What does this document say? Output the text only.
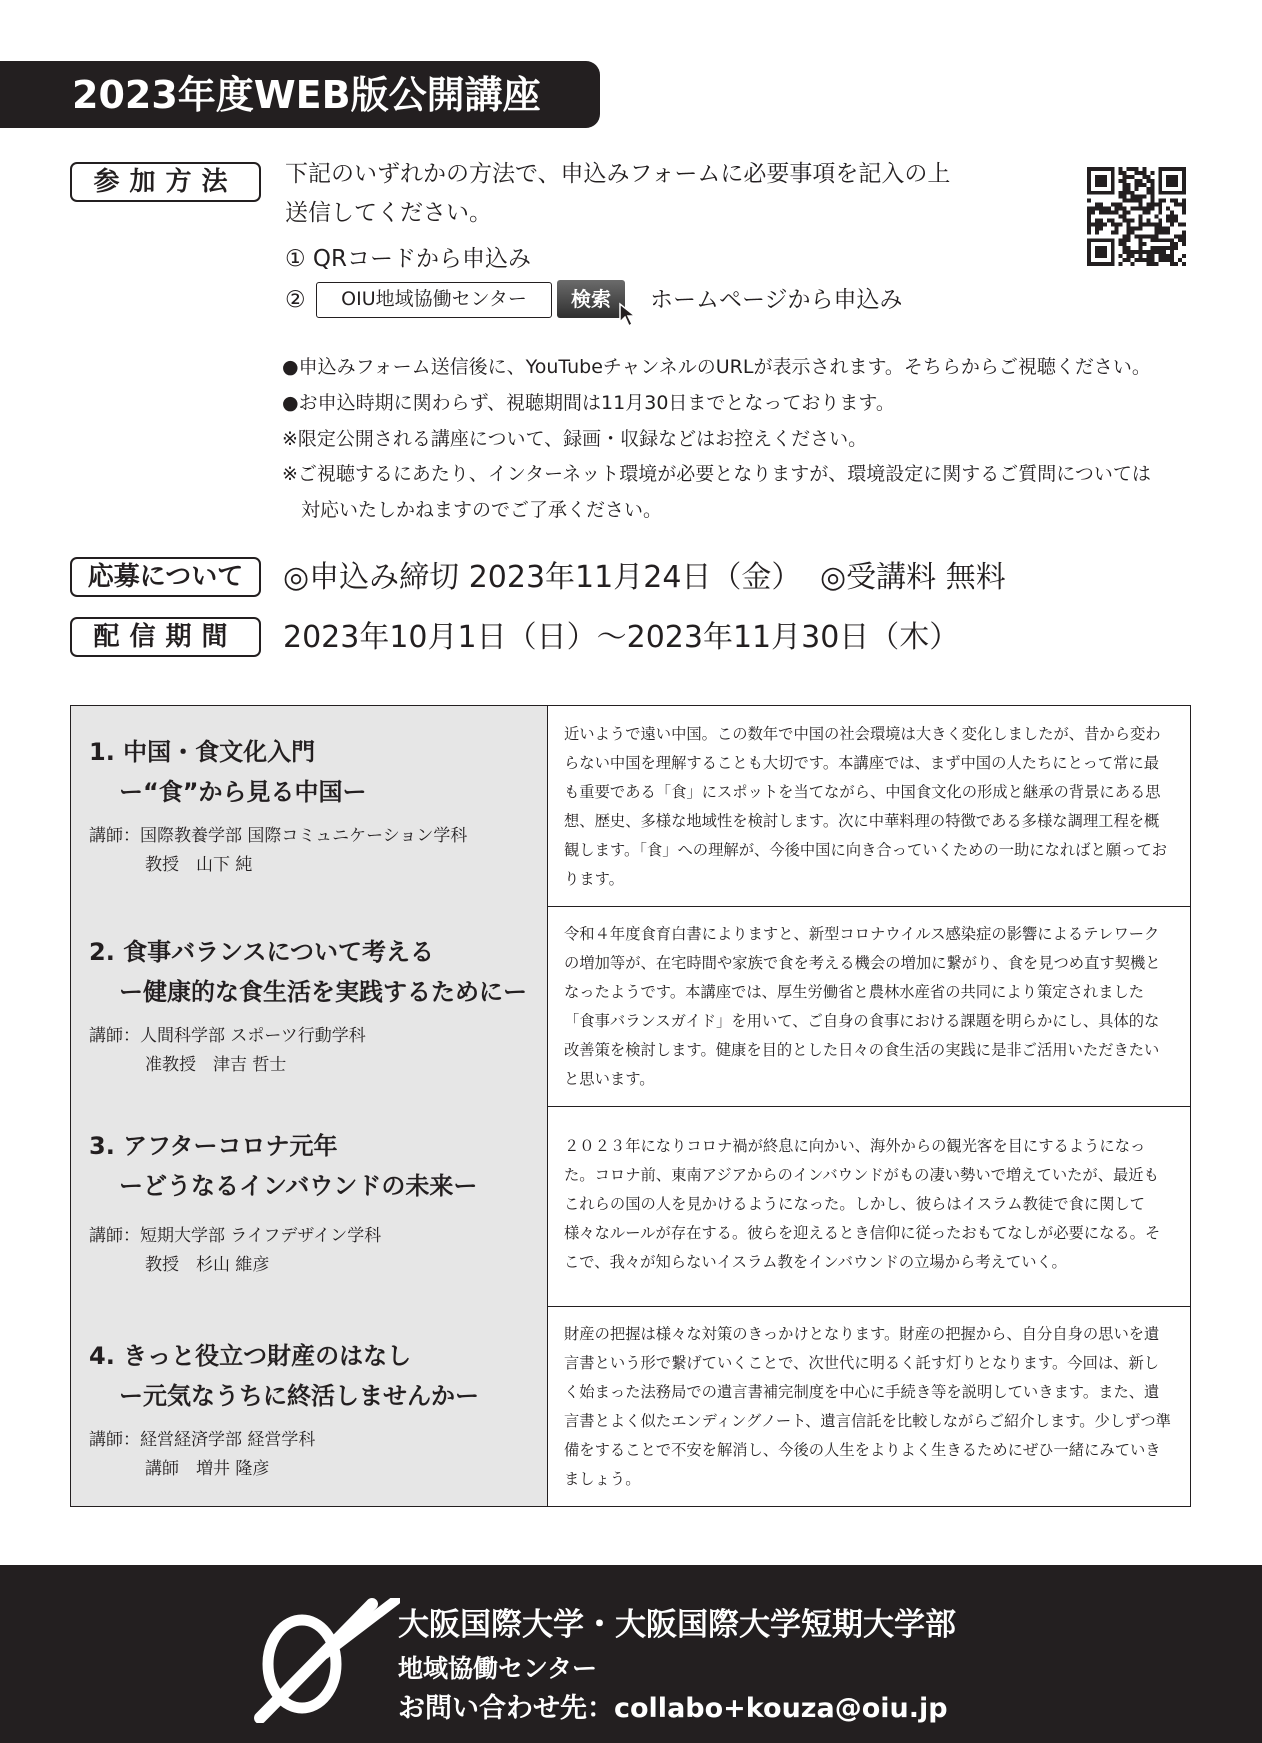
2023年度WEB版公開講座
参加方法	下記のいずれかの方法で、申込みフォームに必要事項を記入の上
送信してください。
① QRコードから申込み
②	OIU地域協働センター	検索	ホームページから申込み
●申込みフォーム送信後に、YouTubeチャンネルのURLが表示されます。そちらからご視聴ください。
●お申込時期に関わらず、視聴期間は11月30日までとなっております。
※限定公開される講座について、録画・収録などはお控えください。
※ご視聴するにあたり、インターネット環境が必要となりますが、環境設定に関するご質問については
　対応いたしかねますのでご了承ください。
応募について	◎申込み締切 2023年11月24日（金） ◎受講料 無料
配信期間	2023年10月1日（日）～2023年11月30日（木）
1. 中国・食文化入門
ー“食”から見る中国ー
講師：国際教養学部 国際コミュニケーション学科
教授　山下 純
近いようで遠い中国。この数年で中国の社会環境は大きく変化しましたが、昔から変わらない中国を理解することも大切です。本講座では、まず中国の人たちにとって常に最も重要である「食」にスポットを当てながら、中国食文化の形成と継承の背景にある思想、歴史、多様な地域性を検討します。次に中華料理の特徴である多様な調理工程を概観します。「食」への理解が、今後中国に向き合っていくための一助になればと願っております。
2. 食事バランスについて考える
ー健康的な食生活を実践するためにー
講師：人間科学部 スポーツ行動学科
准教授　津吉 哲士
令和４年度食育白書によりますと、新型コロナウイルス感染症の影響によるテレワークの増加等が、在宅時間や家族で食を考える機会の増加に繋がり、食を見つめ直す契機となったようです。本講座では、厚生労働省と農林水産省の共同により策定されました「食事バランスガイド」を用いて、ご自身の食事における課題を明らかにし、具体的な改善策を検討します。健康を目的とした日々の食生活の実践に是非ご活用いただきたいと思います。
3. アフターコロナ元年
ーどうなるインバウンドの未来ー
講師：短期大学部 ライフデザイン学科
教授　杉山 維彦
２０２３年になりコロナ禍が終息に向かい、海外からの観光客を目にするようになった。コロナ前、東南アジアからのインバウンドがもの凄い勢いで増えていたが、最近もこれらの国の人を見かけるようになった。しかし、彼らはイスラム教徒で食に関して様々なルールが存在する。彼らを迎えるとき信仰に従ったおもてなしが必要になる。そこで、我々が知らないイスラム教をインバウンドの立場から考えていく。
4. きっと役立つ財産のはなし
ー元気なうちに終活しませんかー
講師：経営経済学部 経営学科
講師　増井 隆彦
財産の把握は様々な対策のきっかけとなります。財産の把握から、自分自身の思いを遺言書という形で繋げていくことで、次世代に明るく託す灯りとなります。今回は、新しく始まった法務局での遺言書補完制度を中心に手続き等を説明していきます。また、遺言書とよく似たエンディングノート、遺言信託を比較しながらご紹介します。少しずつ準備をすることで不安を解消し、今後の人生をよりよく生きるためにぜひ一緒にみていきましょう。
大阪国際大学・大阪国際大学短期大学部
地域協働センター
お問い合わせ先：collabo+kouza@oiu.jp
